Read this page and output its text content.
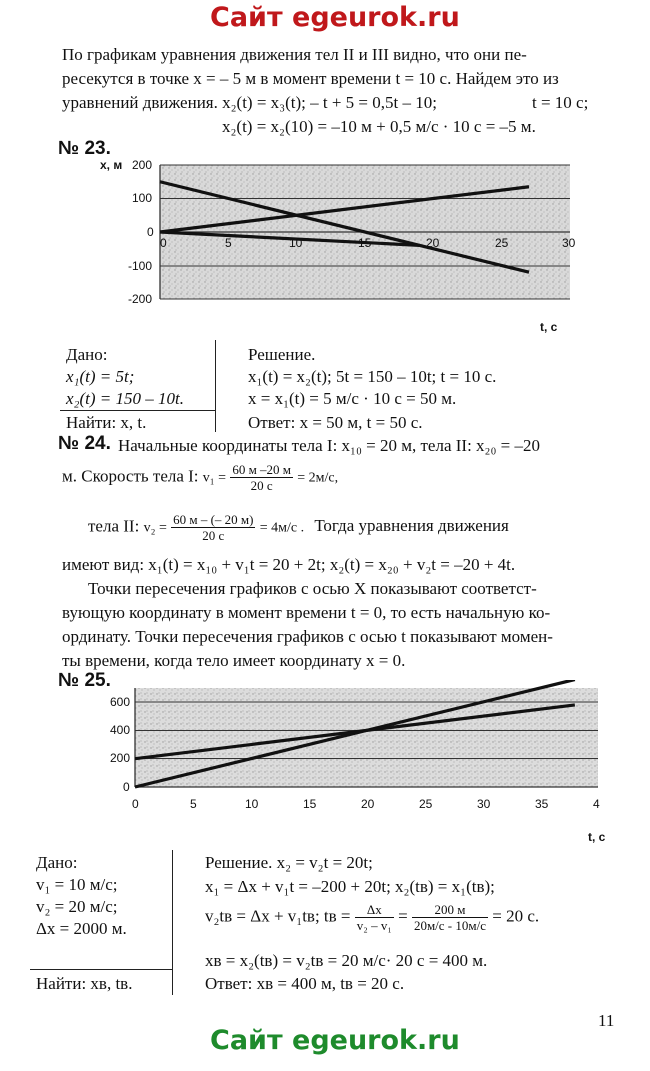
Сайт egeurok.ru
По графикам уравнения движения тел II и III видно, что они пе-
ресекутся в точке x = – 5 м в момент времени t = 10 с. Найдем это из
уравнений движения. x₂(t) = x₃(t); – t + 5 = 0,5t – 10;	t = 10 с;
x₂(t) = x₂(10) = –10 м + 0,5 м/с · 10 с = –5 м.
№ 23.
200
100
0
-100
-200
0	5	10	15	20	25	30
x, м
t, с
Дано:
x₁(t) = 5t;
x₂(t) = 150 – 10t.
Найти: x, t.
Решение.
x₁(t) = x₂(t); 5t = 150 – 10t; t = 10 с.
x = x₁(t) = 5 м/с · 10 с = 50 м.
Ответ: x = 50 м, t = 50 с.
№ 24. Начальные координаты тела I: x₁₀ = 20 м, тела II: x₂₀ = –20
м. Скорость тела I: $v_1 = \frac{60 м -20 м}{20 с} = 2м/с$,
тела II: $v_2 = \frac{60 м - (- 20 м)}{20 с} = 4м/с$ . Тогда уравнения движения
имеют вид: x₁(t) = x₁₀ + v₁t = 20 + 2t; x₂(t) = x₂₀ + v₂t = –20 + 4t.
Точки пересечения графиков с осью X показывают соответст-
вующую координату в момент времени t = 0, то есть начальную ко-
ординату. Точки пересечения графиков с осью t показывают момен-
ты времени, когда тело имеет координату x = 0.
№ 25.
600
400
200
0
0	5	10	15	20	25	30	35	4
t, с
Дано:
v₁ = 10 м/с;
v₂ = 20 м/с;
Δx = 2000 м.
Найти: xв, tв.
Решение. x₂ = v₂t = 20t;
x₁ = Δx + v₁t = –200 + 20t; x₂(tв) = x₁(tв);
v₂tв = Δx + v₁tв; tв = $\frac{\Delta x}{\text{v₂ – v₁}} = \frac{200 м}{20м/с - 10м/с} = 20$ с.
xв = x₂(tв) = v₂tв = 20 м/с· 20 с = 400 м.
Ответ: xв = 400 м, tв = 20 с.
11
Сайт egeurok.ru
